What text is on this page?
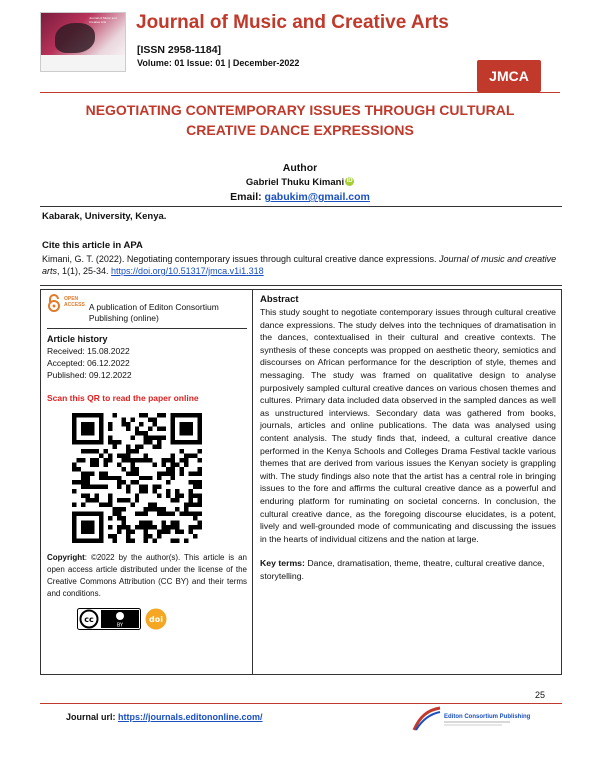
Journal of Music and Creative Arts	Journal of Music and Creative Arts
[ISSN 2958-1184]
Volume: 01 Issue: 01 | December-2022
JMCA
NEGOTIATING CONTEMPORARY ISSUES THROUGH CULTURAL
CREATIVE DANCE EXPRESSIONS
Author
Gabriel Thuku Kimani iD
Email: gabukim@gmail.com
Kabarak, University, Kenya.
Cite this article in APA
Kimani, G. T. (2022). Negotiating contemporary issues through cultural creative dance expressions. Journal of music and creative arts, 1(1), 25-34. https://doi.org/10.51317/jmca.v1i1.318
OPEN
ACCESS A publication of Editon Consortium Publishing (online)
Article history
Received: 15.08.2022
Accepted: 06.12.2022
Published: 09.12.2022
Scan this QR to read the paper online
Copyright: ©2022 by the author(s). This article is an open access article distributed under the license of the Creative Commons Attribution (CC BY) and their terms and conditions.
cc
BY
doi
Abstract
This study sought to negotiate contemporary issues through cultural creative dance expressions. The study delves into the techniques of dramatisation in the dances, contextualised in their cultural and creative contexts. The synthesis of these concepts was propped on aesthetic theory, semiotics and discourses on African performance for the description of style, themes and messaging. The study was framed on qualitative design to analyse purposively sampled cultural creative dances on various chosen themes and cultures. Primary data included data observed in the sampled dances as well as unstructured interviews. Secondary data was gathered from books, journals, articles and online publications. The data was analysed using content analysis. The study finds that, indeed, a cultural creative dance performed in the Kenya Schools and Colleges Drama Festival tackle various themes that are derived from various issues the Kenyan society is grappling with. The study findings also note that the artist has a central role in bringing issues to the fore and affirms the cultural creative dance as a powerful and enduring platform for ruminating on societal concerns. In conclusion, the cultural creative dance, as the foregoing discourse elucidates, is a potent, lively and well-grounded mode of communicating and discussing the issues in the hearts of individual citizens and the nation at large.
Key terms: Dance, dramatisation, theme, theatre, cultural creative dance, storytelling.
25
Journal url: https://journals.editononline.com/	Editon Consortium Publishing
